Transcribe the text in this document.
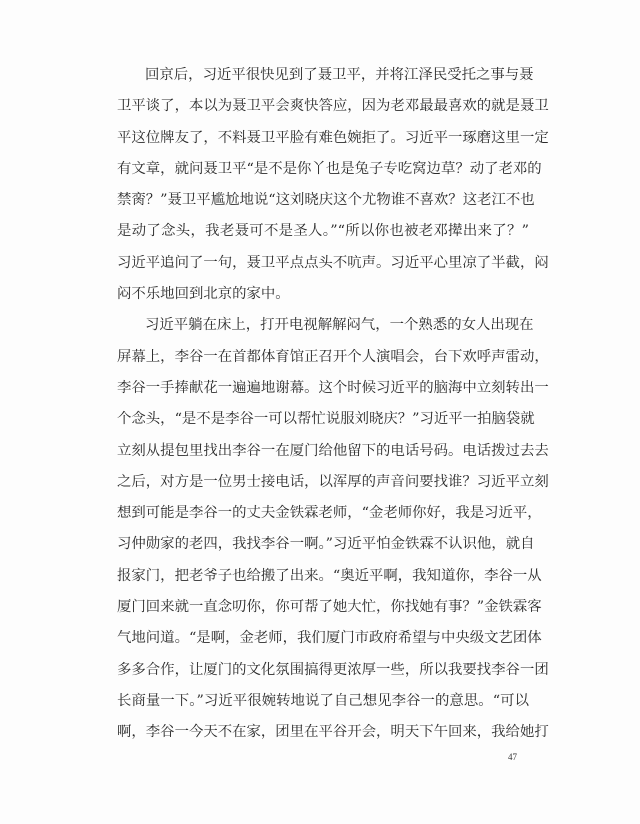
回京后，习近平很快见到了聂卫平，并将江泽民受托之事与聂
卫平谈了，本以为聂卫平会爽快答应，因为老邓最最喜欢的就是聂卫
平这位牌友了，不料聂卫平脸有难色婉拒了。习近平一琢磨这里一定
有文章，就问聂卫平“是不是你丫也是兔子专吃窝边草？动了老邓的
禁脔？”聂卫平尴尬地说“这刘晓庆这个尤物谁不喜欢？这老江不也
是动了念头，我老聂可不是圣人。”“所以你也被老邓撵出来了？”
习近平追问了一句，聂卫平点点头不吭声。习近平心里凉了半截，闷
闷不乐地回到北京的家中。
习近平躺在床上，打开电视解解闷气，一个熟悉的女人出现在
屏幕上，李谷一在首都体育馆正召开个人演唱会，台下欢呼声雷动，
李谷一手捧献花一遍遍地谢幕。这个时候习近平的脑海中立刻转出一
个念头，“是不是李谷一可以帮忙说服刘晓庆？”习近平一拍脑袋就
立刻从提包里找出李谷一在厦门给他留下的电话号码。电话拨过去去
之后，对方是一位男士接电话，以浑厚的声音问要找谁？习近平立刻
想到可能是李谷一的丈夫金铁霖老师，“金老师你好，我是习近平，
习仲勋家的老四，我找李谷一啊。”习近平怕金铁霖不认识他，就自
报家门，把老爷子也给搬了出来。“奥近平啊，我知道你，李谷一从
厦门回来就一直念叨你，你可帮了她大忙，你找她有事？”金铁霖客
气地问道。“是啊，金老师，我们厦门市政府希望与中央级文艺团体
多多合作，让厦门的文化氛围搞得更浓厚一些，所以我要找李谷一团
长商量一下。”习近平很婉转地说了自己想见李谷一的意思。“可以
啊，李谷一今天不在家，团里在平谷开会，明天下午回来，我给她打
47
